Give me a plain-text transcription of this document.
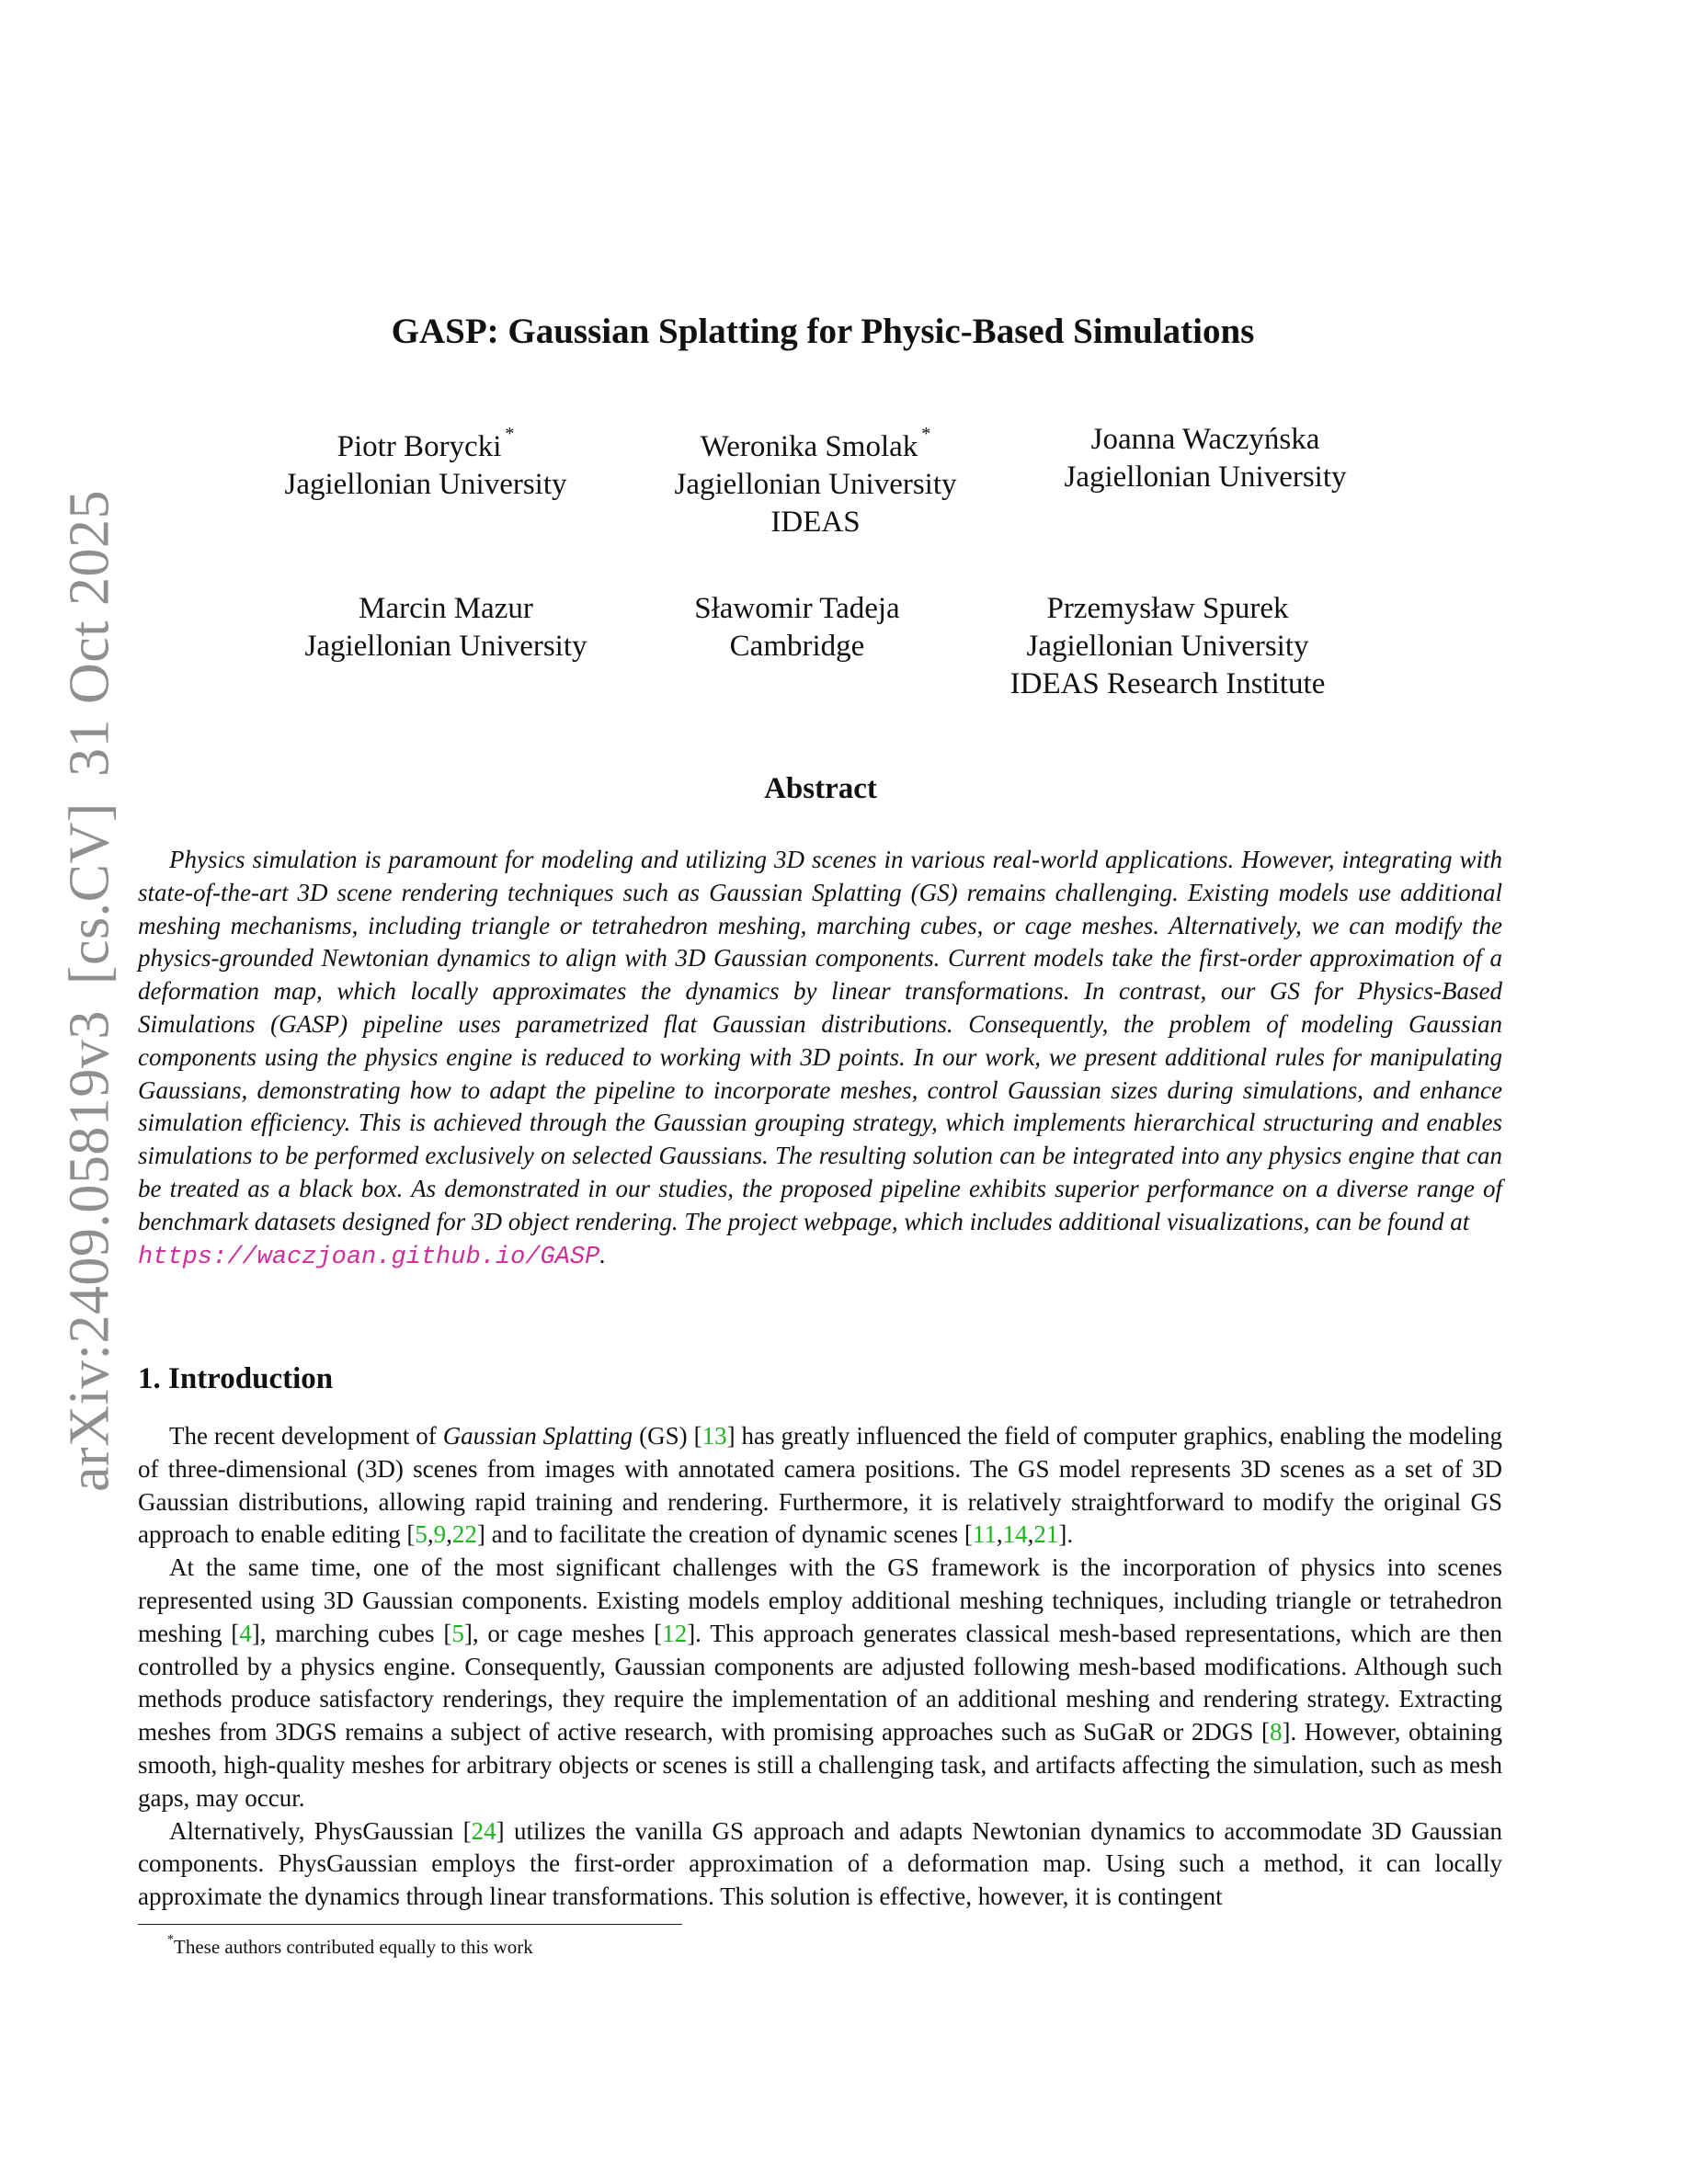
arXiv:2409.05819v3 [cs.CV] 31 Oct 2025
GASP: Gaussian Splatting for Physic-Based Simulations
Piotr Borycki *
Jagiellonian University
Weronika Smolak *
Jagiellonian University
IDEAS
Joanna Waczyńska
Jagiellonian University
Marcin Mazur
Jagiellonian University
Sławomir Tadeja
Cambridge
Przemysław Spurek
Jagiellonian University
IDEAS Research Institute
Abstract

Physics simulation is paramount for modeling and utilizing 3D scenes in various real-world applications. However, integrating with state-of-the-art 3D scene rendering techniques such as Gaussian Splatting (GS) remains challenging. Existing models use additional meshing mechanisms, including triangle or tetrahedron meshing, marching cubes, or cage meshes. Alternatively, we can modify the physics-grounded Newtonian dynamics to align with 3D Gaussian components. Current models take the first-order approximation of a deformation map, which locally approximates the dynamics by linear transformations. In contrast, our GS for Physics-Based Simulations (GASP) pipeline uses parametrized flat Gaussian distributions. Consequently, the problem of modeling Gaussian components using the physics engine is reduced to working with 3D points. In our work, we present additional rules for manipulating Gaussians, demonstrating how to adapt the pipeline to incorporate meshes, control Gaussian sizes during simulations, and enhance simulation efficiency. This is achieved through the Gaussian grouping strategy, which implements hierarchical structuring and enables simulations to be performed exclusively on selected Gaussians. The resulting solution can be integrated into any physics engine that can be treated as a black box. As demonstrated in our studies, the proposed pipeline exhibits superior performance on a diverse range of benchmark datasets designed for 3D object rendering. The project webpage, which includes additional visualizations, can be found at
https://waczjoan.github.io/GASP.

1. Introduction

The recent development of Gaussian Splatting (GS) [13] has greatly influenced the field of computer graphics, enabling the modeling of three-dimensional (3D) scenes from images with annotated camera positions. The GS model represents 3D scenes as a set of 3D Gaussian distributions, allowing rapid training and rendering. Furthermore, it is relatively straightforward to modify the original GS approach to enable editing [5,9,22] and to facilitate the creation of dynamic scenes [11,14,21].

At the same time, one of the most significant challenges with the GS framework is the incorporation of physics into scenes represented using 3D Gaussian components. Existing models employ additional meshing techniques, including triangle or tetrahedron meshing [4], marching cubes [5], or cage meshes [12]. This approach generates classical mesh-based representations, which are then controlled by a physics engine. Consequently, Gaussian components are adjusted following mesh-based modifications. Although such methods produce satisfactory renderings, they require the implementation of an additional meshing and rendering strategy. Extracting meshes from 3DGS remains a subject of active research, with promising approaches such as SuGaR or 2DGS [8]. However, obtaining smooth, high-quality meshes for arbitrary objects or scenes is still a challenging task, and artifacts affecting the simulation, such as mesh gaps, may occur.

Alternatively, PhysGaussian [24] utilizes the vanilla GS approach and adapts Newtonian dynamics to accommodate 3D Gaussian components. PhysGaussian employs the first-order approximation of a deformation map. Using such a method, it can locally approximate the dynamics through linear transformations. This solution is effective, however, it is contingent

*These authors contributed equally to this work
